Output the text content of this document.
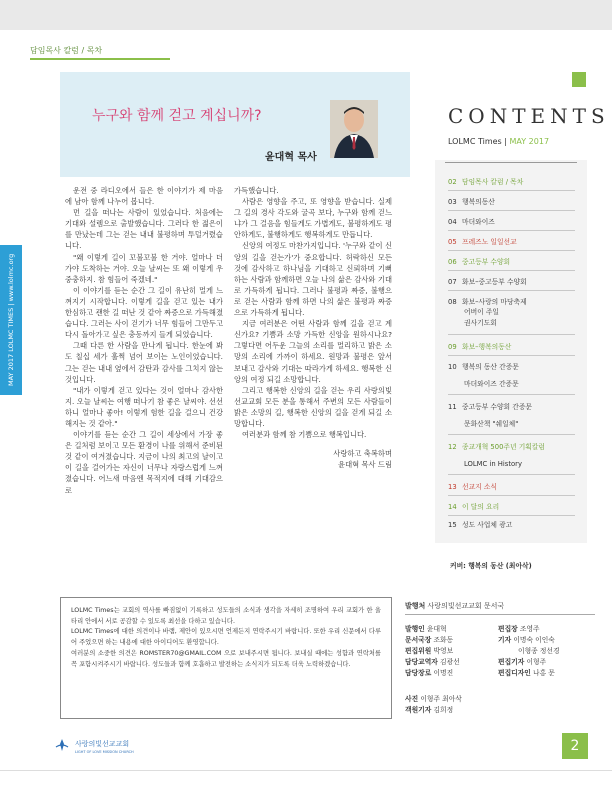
담임목사 칼럼 / 목차
MAY 2017 LOLMC TIMES | www.lolmc.org
누구와 함께 걷고 계십니까?
윤대혁 목사

운전 중 라디오에서 들은 한 이야기가 제 마음에 남아 함께 나누어 봅니다.

먼 길을 떠나는 사람이 있었습니다. 처음에는 기대와 설렘으로 출발했습니다. 그러다 한 젊은이를 만났는데 그는 걷는 내내 불평하며 투덜거렸습니다.

"왜 이렇게 길이 꼬불꼬불 한 거야. 얼마나 더 가야 도착하는 거야. 오늘 날씨는 또 왜 이렇게 우중충하지. 참 힘들어 죽겠네."

이 이야기를 듣는 순간 그 길이 유난히 멀게 느껴지기 시작합니다. 이렇게 길을 걷고 있는 내가 한심하고 괜한 길 떠난 것 같아 짜증으로 가득해졌습니다. 그러는 사이 걷기가 너무 힘들어 그만두고 다시 돌아가고 싶은 충동까지 들게 되었습니다.

그때 다른 한 사람을 만나게 됩니다. 한눈에 봐도 칠십 세가 훌쩍 넘어 보이는 노인이었습니다. 그는 걷는 내내 옆에서 감탄과 감사를 그치지 않는 것입니다.

"내가 이렇게 걷고 있다는 것이 얼마나 감사한지. 오늘 날씨는 여행 떠나기 참 좋은 날씨야. 선선하니 얼마나 좋아! 이렇게 험한 길을 걸으니 건강해지는 것 같아."

이야기를 듣는 순간 그 길이 세상에서 가장 좋은 길처럼 보이고 모든 환경이 나를 위해서 준비된 것 같이 여겨졌습니다. 지금이 나의 최고의 날이고 이 길을 걸어가는 자신이 너무나 자랑스럽게 느껴졌습니다. 어느새 마음엔 목적지에 대해 기대감으로

가득했습니다.

사람은 영향을 주고, 또 영향을 받습니다. 실제 그 길의 경사 각도와 굴곡 보다, 누구와 함께 걷느냐가 그 걸음을 힘들게도 가볍게도, 불평하게도 평안하게도, 불행하게도 행복하게도 만듭니다.

신앙의 여정도 마찬가지입니다. '누구와 같이 신앙의 길을 걷는가'가 중요합니다. 허락하신 모든 것에 감사하고 하나님을 기대하고 신뢰하며 기뻐하는 사람과 함께하면 오늘 나의 삶은 감사와 기대로 가득하게 됩니다. 그러나 불평과 짜증, 불행으로 걷는 사람과 함께 하면 나의 삶은 불평과 짜증으로 가득하게 됩니다.

지금 여러분은 어떤 사람과 함께 길을 걷고 계신가요? 기쁨과 소망 가득한 신앙을 원하시나요? 그렇다면 어두운 그늘의 소리를 멀리하고 밝은 소망의 소리에 가까이 하세요. 원망과 불평은 앞서 보내고 감사와 기대는 따라가게 하세요. 행복한 신앙의 여정 되길 소망합니다.

그리고 행복한 신앙의 길을 걷는 우리 사랑의빛선교교회 모든 분을 통해서 주변의 모든 사람들이 밝은 소망의 길, 행복한 신앙의 길을 걷게 되길 소망합니다.

여러분과 함께 참 기쁨으로 행복입니다.

사랑하고 축복하며

윤대혁 목사 드림

CONTENTS
LOLMC Times | MAY 2017
02 담임목사 칼럼 / 목차
03 행복의동산
04 마더와이즈
05 프레즈노 일일선교
06 중고등부 수양회
07 화보–중고등부 수양회
08 화보–사랑의 마당축제
어버이 주일
권사기도회
09 화보–행복의동산
10 행복의 동산 간증문
마더와이즈 간증문
11 중고등부 수양회 간증문
문화산책 "쉐일체"
12 종교개혁 500주년 기획칼럼
LOLMC in History
13 선교지 소식
14 이 달의 요리
15 성도 사업체 광고
커버: 행복의 동산 (최아삭)

LOLMC Times는 교회의 역사를 빠짐없이 기록하고 성도들의 소식과 생각을 자세히 조명하여 우리 교회가 한 울타리 안에서 서로 공감할 수 있도록 최선을 다하고 있습니다.

LOLMC Times에 대한 의견이나 바램, 제안이 있으시면 언제든지 연락주시기 바랍니다. 또한 우리 신문에서 다루어 주었으면 하는 내용에 대한 아이디어도 환영합니다.

여러분의 소중한 의견은 ROMSTER70@GMAIL.COM 으로 보내주시면 됩니다. 보내실 때에는 성함과 연락처를 꼭 포함시켜주시기 바랍니다. 성도들과 함께 호흡하고 발전하는 소식지가 되도록 더욱 노력하겠습니다.

발행처 사랑의빛선교교회 문서국
발행인 윤대혁
문서국장 조화동
편집위원 박영보
담당교역자 김광선
담당장로 이명진
편집장 조영주
기자 이명숙 이인숙
이형종 정선경
편집기자 이형주
편집디자인 나홍 문
사진 이형주 최아삭
객원기자 김희정
사랑의빛선교교회
LIGHT OF LOVE MISSION CHURCH	2
